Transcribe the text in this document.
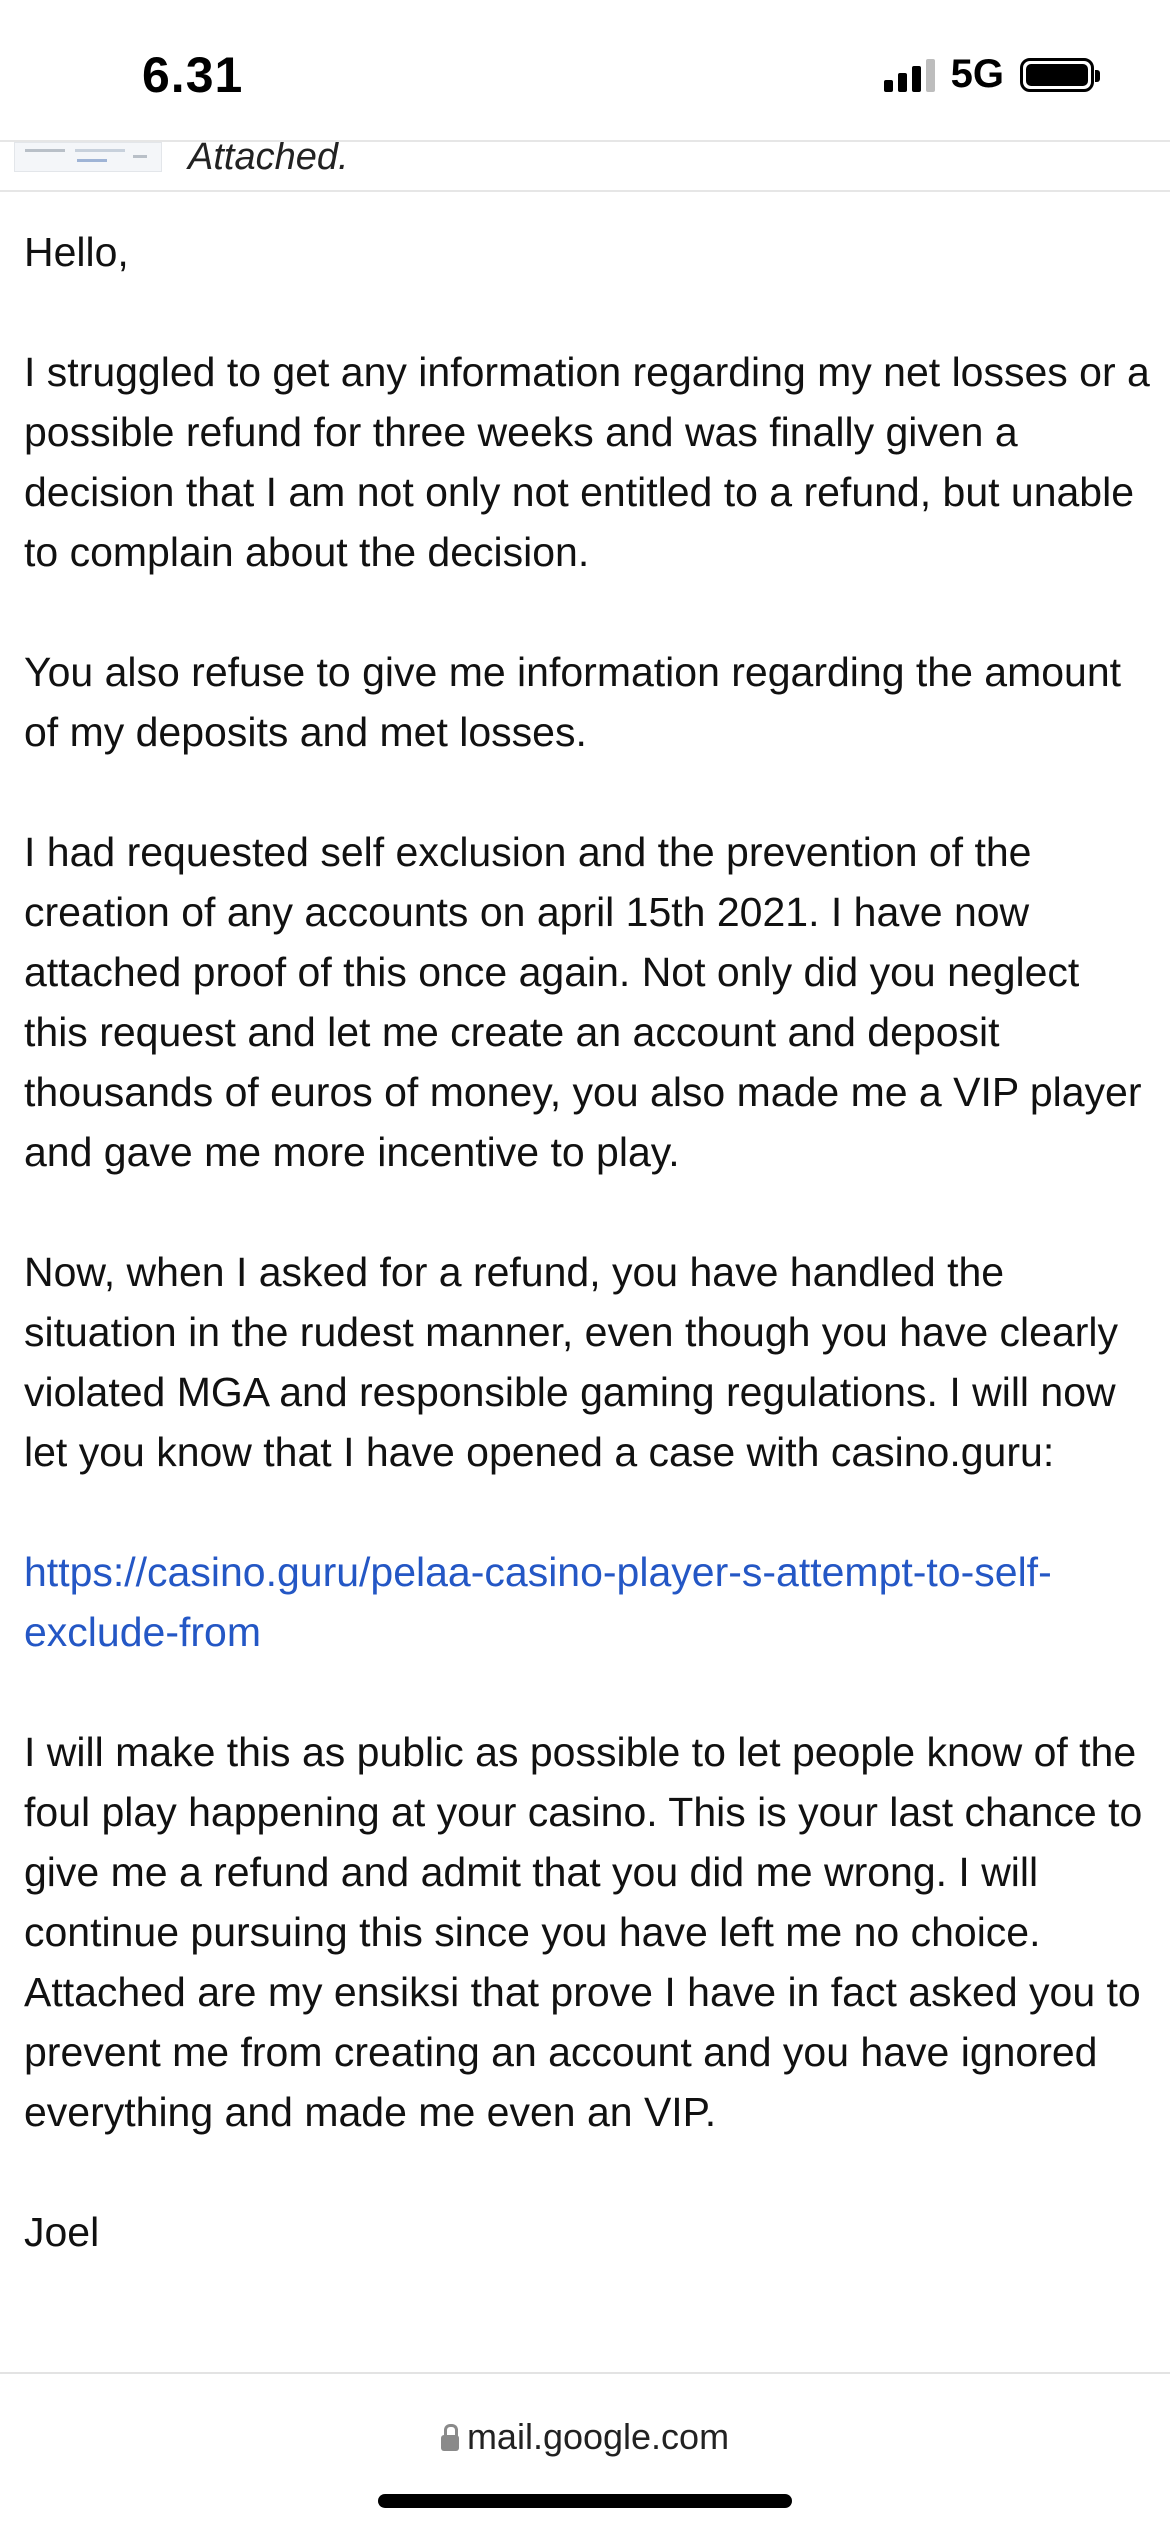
6.31	5G
Attached.

Hello,

I struggled to get any information regarding my net losses or a possible refund for three weeks and was finally given a decision that I am not only not entitled to a refund, but unable to complain about the decision.

You also refuse to give me information regarding the amount of my deposits and met losses.

I had requested self exclusion and the prevention of the creation of any accounts on april 15th 2021. I have now attached proof of this once again. Not only did you neglect this request and let me create an account and deposit thousands of euros of money, you also made me a VIP player and gave me more incentive to play.

Now, when I asked for a refund, you have handled the situation in the rudest manner, even though you have clearly violated MGA and responsible gaming regulations. I will now let you know that I have opened a case with casino.guru:

https://casino.guru/pelaa-casino-player-s-attempt-to-self-exclude-from

I will make this as public as possible to let people know of the foul play happening at your casino. This is your last chance to give me a refund and admit that you did me wrong. I will continue pursuing this since you have left me no choice. Attached are my ensiksi that prove I have in fact asked you to prevent me from creating an account and you have ignored everything and made me even an VIP.

Joel

mail.google.com
